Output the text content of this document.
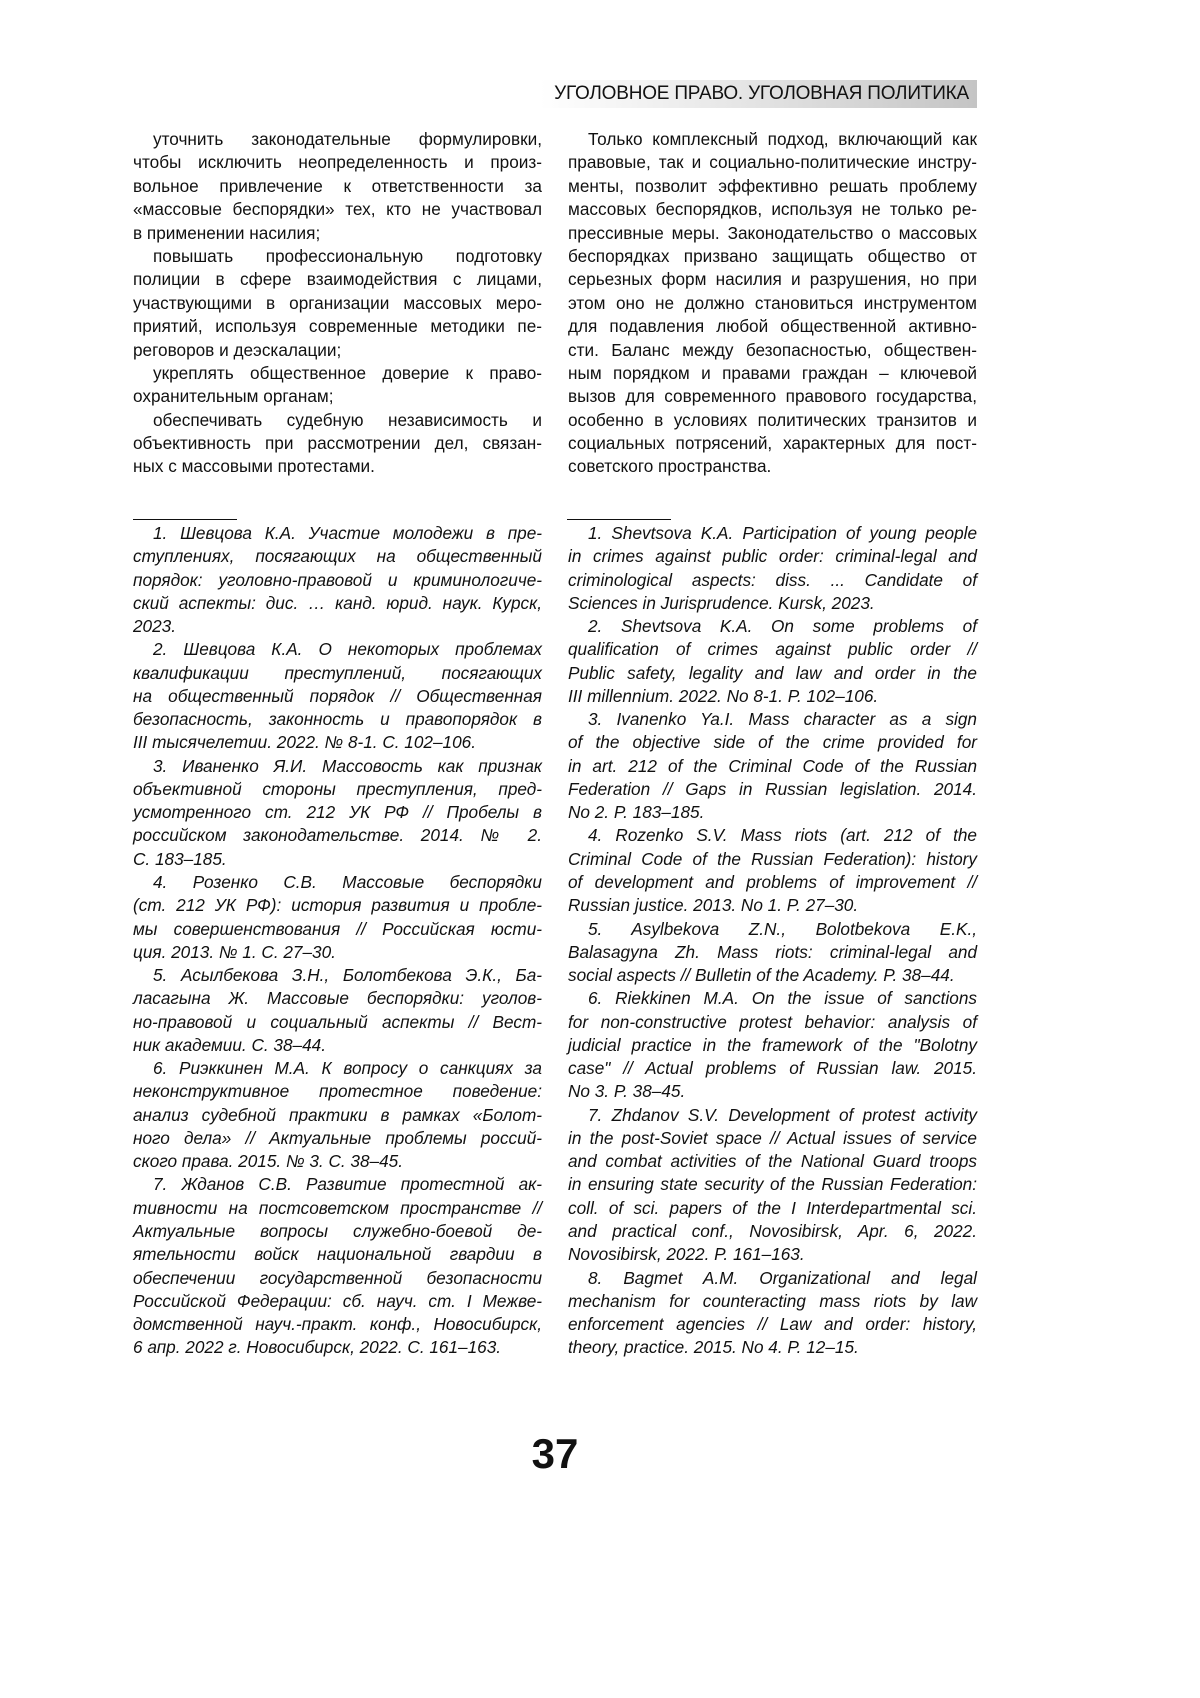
УГОЛОВНОЕ ПРАВО. УГОЛОВНАЯ ПОЛИТИКА
уточнить законодательные формулировки,
чтобы исключить неопределенность и произ-
вольное привлечение к ответственности за
«массовые беспорядки» тех, кто не участвовал
в применении насилия;
повышать профессиональную подготовку
полиции в сфере взаимодействия с лицами,
участвующими в организации массовых меро-
приятий, используя современные методики пе-
реговоров и деэскалации;
укреплять общественное доверие к право-
охранительным органам;
обеспечивать судебную независимость и
объективность при рассмотрении дел, связан-
ных с массовыми протестами.
Только комплексный подход, включающий как
правовые, так и социально-политические инстру-
менты, позволит эффективно решать проблему
массовых беспорядков, используя не только ре-
прессивные меры. Законодательство о массовых
беспорядках призвано защищать общество от
серьезных форм насилия и разрушения, но при
этом оно не должно становиться инструментом
для подавления любой общественной активно-
сти. Баланс между безопасностью, обществен-
ным порядком и правами граждан – ключевой
вызов для современного правового государства,
особенно в условиях политических транзитов и
социальных потрясений, характерных для пост-
советского пространства.
1. Шевцова К.А. Участие молодежи в пре-
ступлениях, посягающих на общественный
порядок: уголовно-правовой и криминологиче-
ский аспекты: дис. … канд. юрид. наук. Курск,
2023.
2. Шевцова К.А. О некоторых проблемах
квалификации преступлений, посягающих
на общественный порядок // Общественная
безопасность, законность и правопорядок в
III тысячелетии. 2022. № 8-1. С. 102–106.
3. Иваненко Я.И. Массовость как признак
объективной стороны преступления, пред-
усмотренного ст. 212 УК РФ // Пробелы в
российском законодательстве. 2014. № 2.
С. 183–185.
4. Розенко С.В. Массовые беспорядки
(ст. 212 УК РФ): история развития и пробле-
мы совершенствования // Российская юсти-
ция. 2013. № 1. С. 27–30.
5. Асылбекова З.Н., Болотбекова Э.К., Ба-
ласагына Ж. Массовые беспорядки: уголов-
но-правовой и социальный аспекты // Вест-
ник академии. С. 38–44.
6. Риэккинен М.А. К вопросу о санкциях за
неконструктивное протестное поведение:
анализ судебной практики в рамках «Болот-
ного дела» // Актуальные проблемы россий-
ского права. 2015. № 3. С. 38–45.
7. Жданов С.В. Развитие протестной ак-
тивности на постсоветском пространстве //
Актуальные вопросы служебно-боевой де-
ятельности войск национальной гвардии в
обеспечении государственной безопасности
Российской Федерации: сб. науч. ст. I Межве-
домственной науч.-практ. конф., Новосибирск,
6 апр. 2022 г. Новосибирск, 2022. С. 161–163.
1. Shevtsova K.A. Participation of young people
in crimes against public order: criminal-legal and
criminological aspects: diss. ... Candidate of
Sciences in Jurisprudence. Kursk, 2023.
2. Shevtsova K.A. On some problems of
qualification of crimes against public order //
Public safety, legality and law and order in the
III millennium. 2022. No 8-1. P. 102–106.
3. Ivanenko Ya.I. Mass character as a sign
of the objective side of the crime provided for
in art. 212 of the Criminal Code of the Russian
Federation // Gaps in Russian legislation. 2014.
No 2. P. 183–185.
4. Rozenko S.V. Mass riots (art. 212 of the
Criminal Code of the Russian Federation): history
of development and problems of improvement //
Russian justice. 2013. No 1. P. 27–30.
5. Asylbekova Z.N., Bolotbekova E.K.,
Balasagyna Zh. Mass riots: criminal-legal and
social aspects // Bulletin of the Academy. P. 38–44.
6. Riekkinen M.A. On the issue of sanctions
for non-constructive protest behavior: analysis of
judicial practice in the framework of the "Bolotny
case" // Actual problems of Russian law. 2015.
No 3. P. 38–45.
7. Zhdanov S.V. Development of protest activity
in the post-Soviet space // Actual issues of service
and combat activities of the National Guard troops
in ensuring state security of the Russian Federation:
coll. of sci. papers of the I Interdepartmental sci.
and practical conf., Novosibirsk, Apr. 6, 2022.
Novosibirsk, 2022. P. 161–163.
8. Bagmet A.M. Organizational and legal
mechanism for counteracting mass riots by law
enforcement agencies // Law and order: history,
theory, practice. 2015. No 4. P. 12–15.
37
